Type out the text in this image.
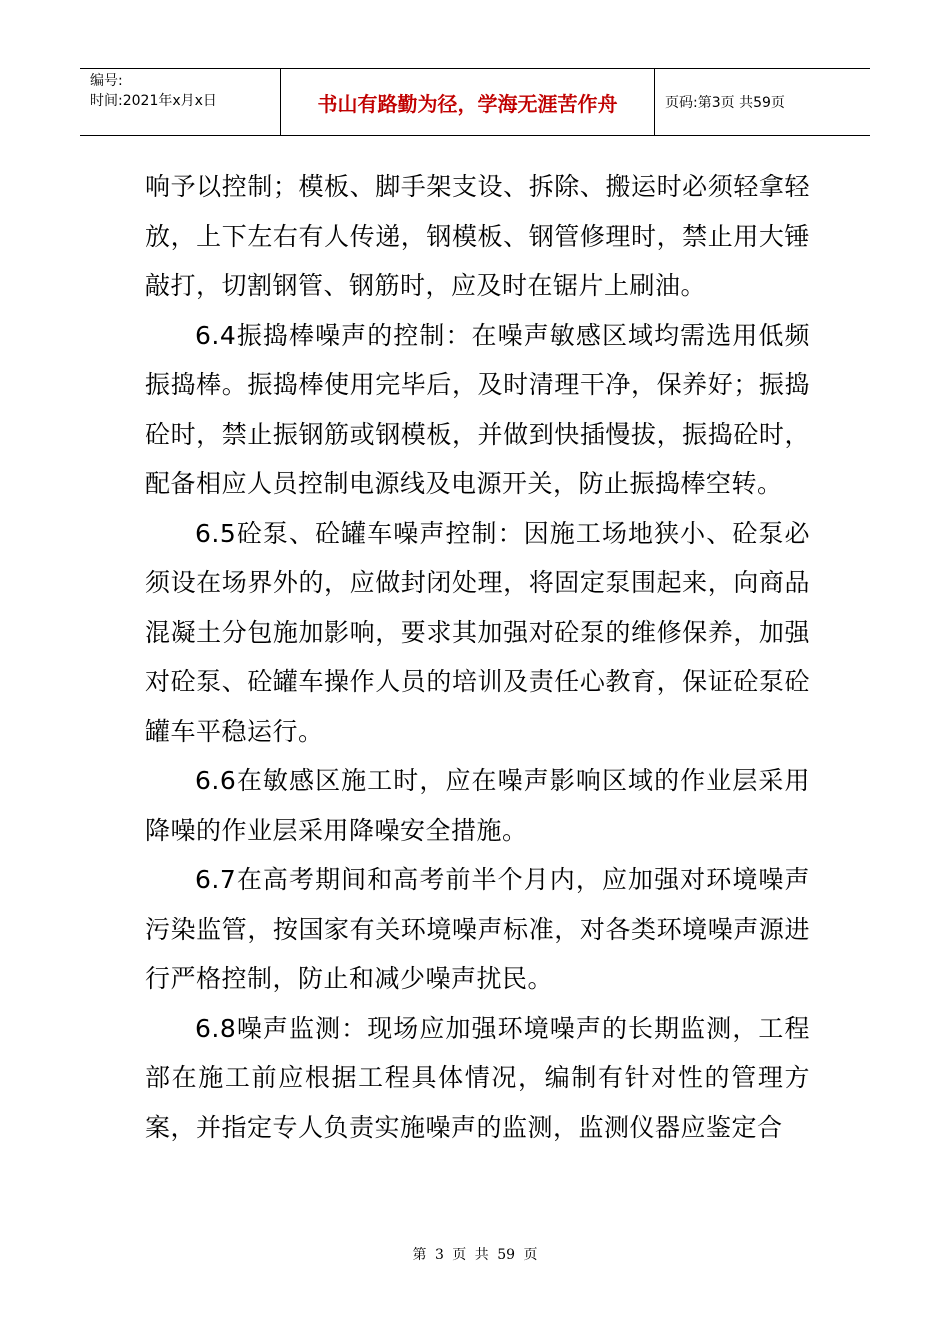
编号:
时间:2021年x月x日	书山有路勤为径，学海无涯苦作舟	页码:第3页 共59页

响予以控制；模板、脚手架支设、拆除、搬运时必须轻拿轻放，上下左右有人传递，钢模板、钢管修理时，禁止用大锤敲打，切割钢管、钢筋时，应及时在锯片上刷油。

6.4振捣棒噪声的控制：在噪声敏感区域均需选用低频振捣棒。振捣棒使用完毕后，及时清理干净，保养好；振捣砼时，禁止振钢筋或钢模板，并做到快插慢拔，振捣砼时，配备相应人员控制电源线及电源开关，防止振捣棒空转。

6.5砼泵、砼罐车噪声控制：因施工场地狭小、砼泵必须设在场界外的，应做封闭处理，将固定泵围起来，向商品混凝土分包施加影响，要求其加强对砼泵的维修保养，加强对砼泵、砼罐车操作人员的培训及责任心教育，保证砼泵砼罐车平稳运行。

6.6在敏感区施工时，应在噪声影响区域的作业层采用降噪的作业层采用降噪安全措施。

6.7在高考期间和高考前半个月内，应加强对环境噪声污染监管，按国家有关环境噪声标准，对各类环境噪声源进行严格控制，防止和减少噪声扰民。

6.8噪声监测：现场应加强环境噪声的长期监测，工程部在施工前应根据工程具体情况，编制有针对性的管理方案，并指定专人负责实施噪声的监测，监测仪器应鉴定合

第 3 页 共 59 页
